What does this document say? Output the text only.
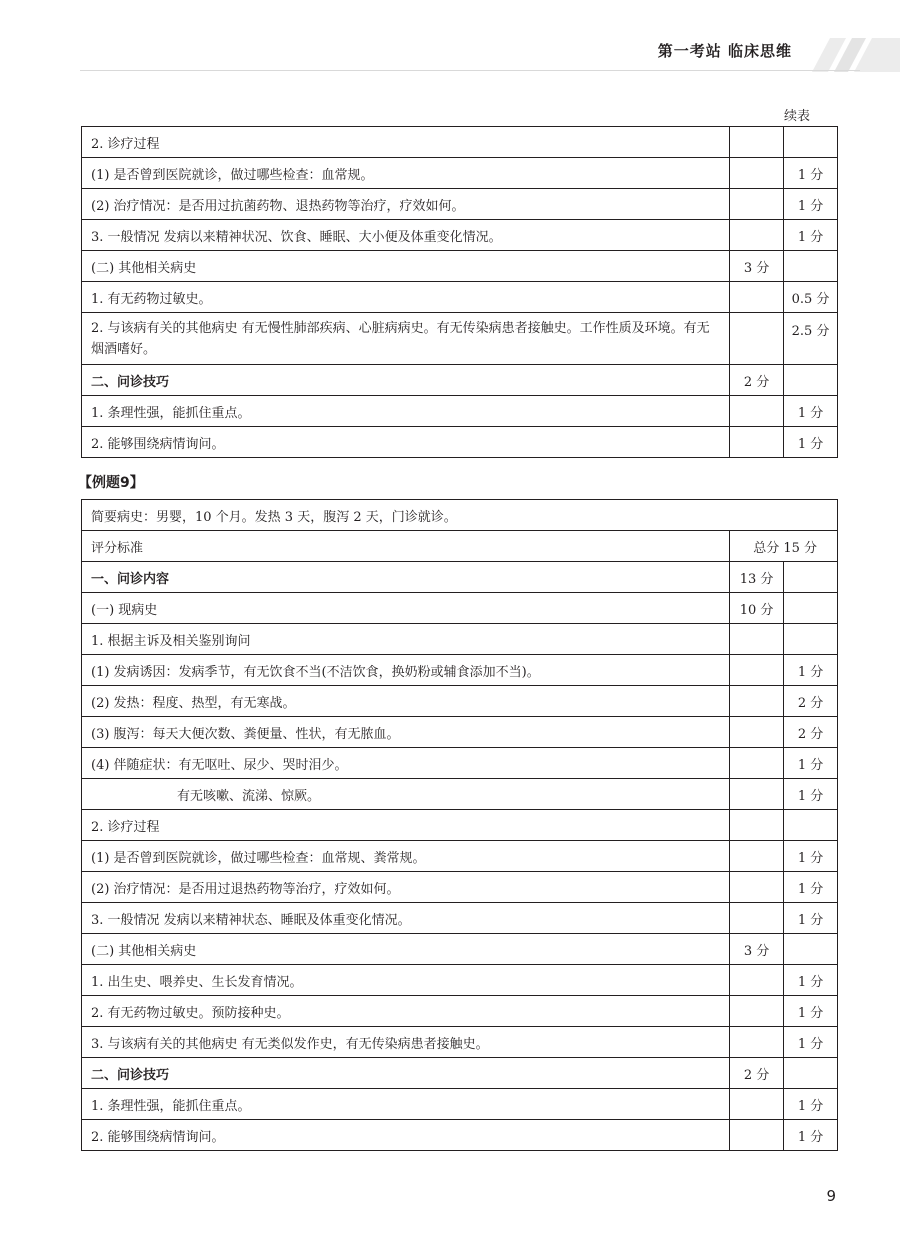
第一考站 临床思维
续表
2. 诊疗过程		
(1) 是否曾到医院就诊，做过哪些检查：血常规。		1 分
(2) 治疗情况：是否用过抗菌药物、退热药物等治疗，疗效如何。		1 分
3. 一般情况 发病以来精神状况、饮食、睡眠、大小便及体重变化情况。		1 分
(二) 其他相关病史	3 分	
1. 有无药物过敏史。		0.5 分
2. 与该病有关的其他病史 有无慢性肺部疾病、心脏病病史。有无传染病患者接触史。工作性质及环境。有无烟酒嗜好。		2.5 分
二、问诊技巧	2 分	
1. 条理性强，能抓住重点。		1 分
2. 能够围绕病情询问。		1 分
【例题9】
简要病史：男婴，10 个月。发热 3 天，腹泻 2 天，门诊就诊。		
评分标准	总分 15 分	
一、问诊内容	13 分	
(一) 现病史	10 分	
1. 根据主诉及相关鉴别询问		
(1) 发病诱因：发病季节，有无饮食不当(不洁饮食，换奶粉或辅食添加不当)。		1 分
(2) 发热：程度、热型，有无寒战。		2 分
(3) 腹泻：每天大便次数、粪便量、性状，有无脓血。		2 分
(4) 伴随症状：有无呕吐、尿少、哭时泪少。		1 分
有无咳嗽、流涕、惊厥。		1 分
2. 诊疗过程		
(1) 是否曾到医院就诊，做过哪些检查：血常规、粪常规。		1 分
(2) 治疗情况：是否用过退热药物等治疗，疗效如何。		1 分
3. 一般情况 发病以来精神状态、睡眠及体重变化情况。		1 分
(二) 其他相关病史	3 分	
1. 出生史、喂养史、生长发育情况。		1 分
2. 有无药物过敏史。预防接种史。		1 分
3. 与该病有关的其他病史 有无类似发作史，有无传染病患者接触史。		1 分
二、问诊技巧	2 分	
1. 条理性强，能抓住重点。		1 分
2. 能够围绕病情询问。		1 分
9
